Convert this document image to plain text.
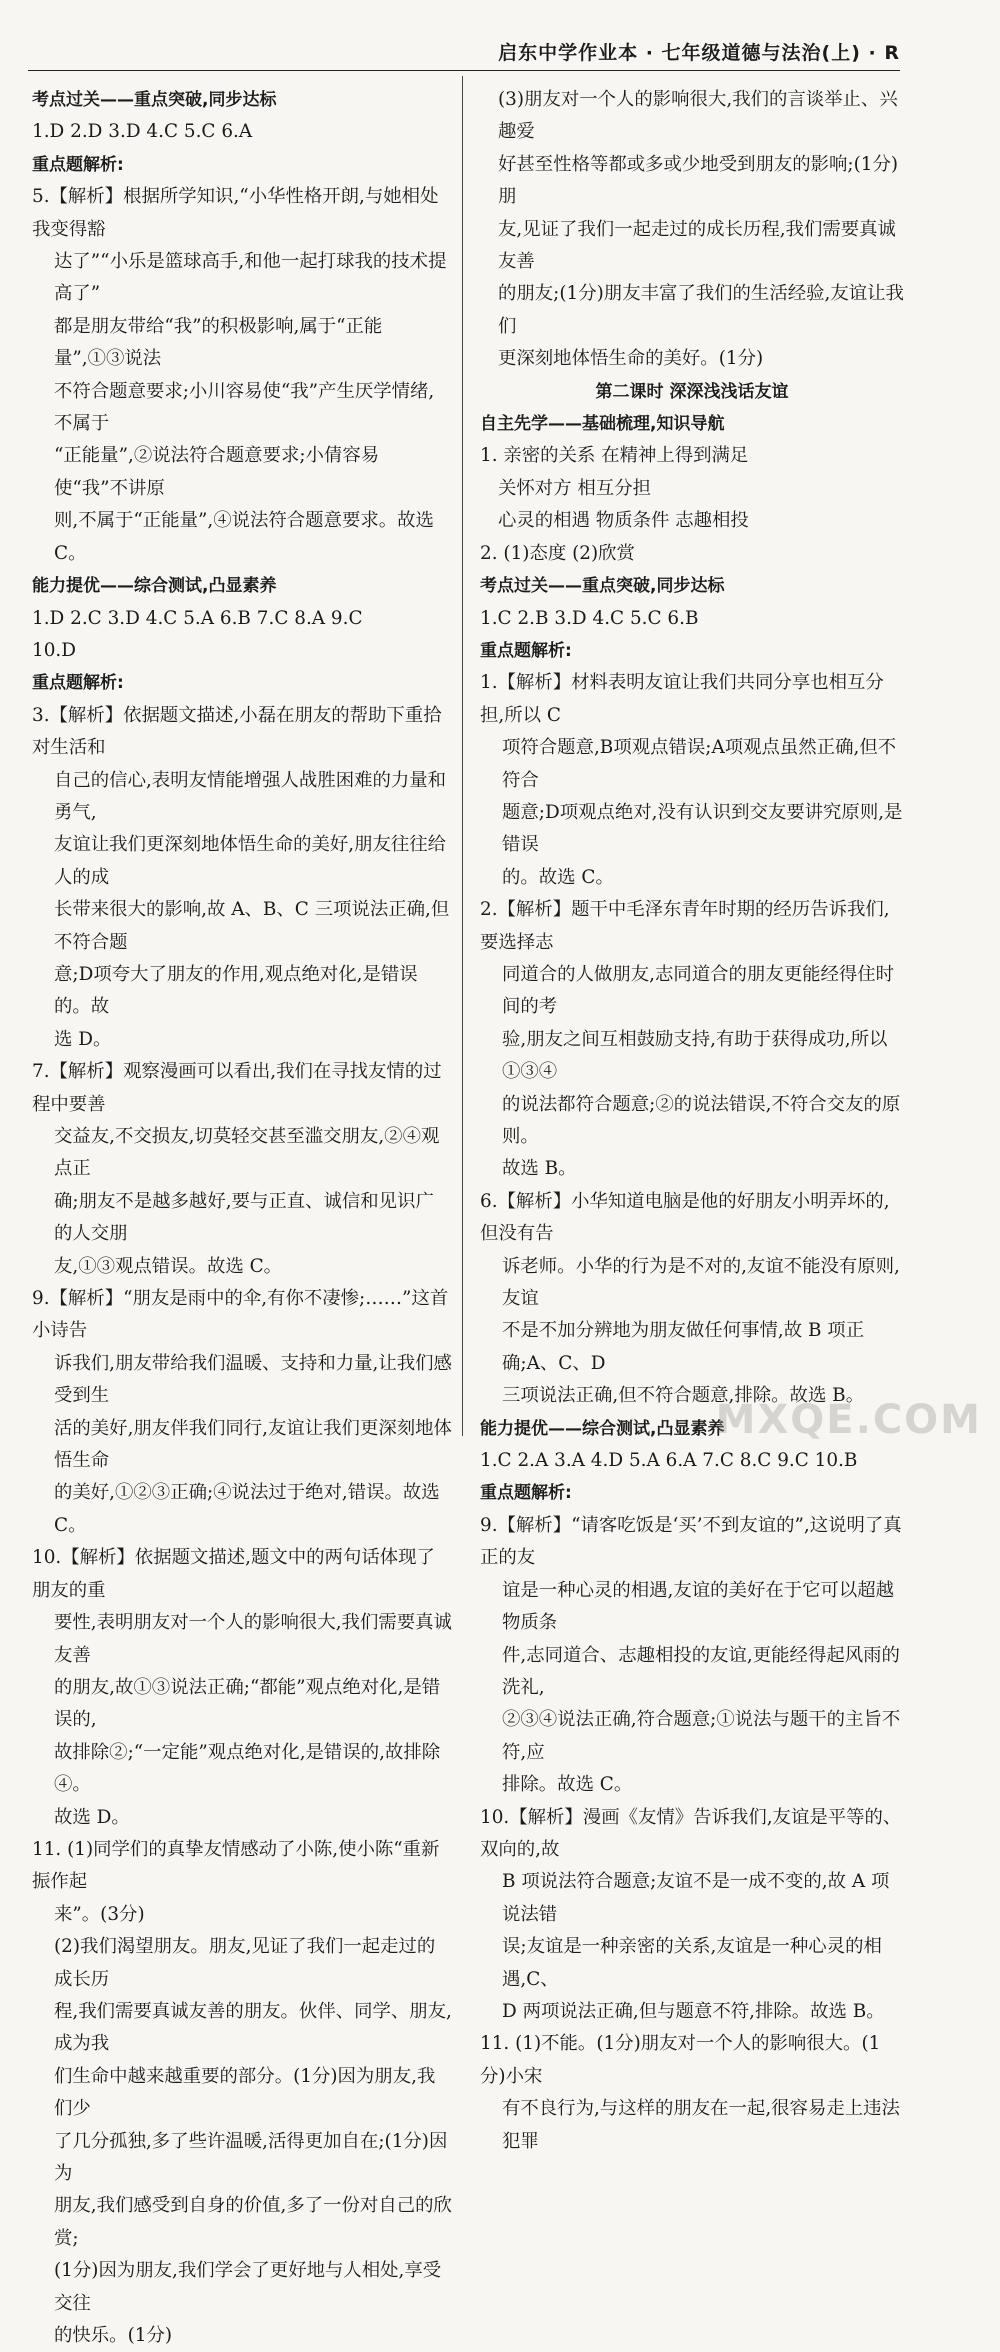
启东中学作业本 · 七年级道德与法治(上) · R
考点过关——重点突破,同步达标
1.D 2.D 3.D 4.C 5.C 6.A
重点题解析:
5.【解析】根据所学知识,“小华性格开朗,与她相处我变得豁
达了”“小乐是篮球高手,和他一起打球我的技术提高了”
都是朋友带给“我”的积极影响,属于“正能量”,①③说法
不符合题意要求;小川容易使“我”产生厌学情绪,不属于
“正能量”,②说法符合题意要求;小倩容易使“我”不讲原
则,不属于“正能量”,④说法符合题意要求。故选 C。
能力提优——综合测试,凸显素养
1.D 2.C 3.D 4.C 5.A 6.B 7.C 8.A 9.C
10.D
重点题解析:
3.【解析】依据题文描述,小磊在朋友的帮助下重拾对生活和
自己的信心,表明友情能增强人战胜困难的力量和勇气,
友谊让我们更深刻地体悟生命的美好,朋友往往给人的成
长带来很大的影响,故 A、B、C 三项说法正确,但不符合题
意;D项夸大了朋友的作用,观点绝对化,是错误的。故
选 D。
7.【解析】观察漫画可以看出,我们在寻找友情的过程中要善
交益友,不交损友,切莫轻交甚至滥交朋友,②④观点正
确;朋友不是越多越好,要与正直、诚信和见识广的人交朋
友,①③观点错误。故选 C。
9.【解析】“朋友是雨中的伞,有你不凄惨;……”这首小诗告
诉我们,朋友带给我们温暖、支持和力量,让我们感受到生
活的美好,朋友伴我们同行,友谊让我们更深刻地体悟生命
的美好,①②③正确;④说法过于绝对,错误。故选 C。
10.【解析】依据题文描述,题文中的两句话体现了朋友的重
要性,表明朋友对一个人的影响很大,我们需要真诚友善
的朋友,故①③说法正确;“都能”观点绝对化,是错误的,
故排除②;“一定能”观点绝对化,是错误的,故排除④。
故选 D。
11. (1)同学们的真挚友情感动了小陈,使小陈“重新振作起
来”。(3分)
(2)我们渴望朋友。朋友,见证了我们一起走过的成长历
程,我们需要真诚友善的朋友。伙伴、同学、朋友,成为我
们生命中越来越重要的部分。(1分)因为朋友,我们少
了几分孤独,多了些许温暖,活得更加自在;(1分)因为
朋友,我们感受到自身的价值,多了一份对自己的欣赏;
(1分)因为朋友,我们学会了更好地与人相处,享受交往
的快乐。(1分)
(3)朋友对一个人的影响很大,我们的言谈举止、兴趣爱
好甚至性格等都或多或少地受到朋友的影响;(1分)朋
友,见证了我们一起走过的成长历程,我们需要真诚友善
的朋友;(1分)朋友丰富了我们的生活经验,友谊让我们
更深刻地体悟生命的美好。(1分)
第二课时 深深浅浅话友谊
自主先学——基础梳理,知识导航
1. 亲密的关系 在精神上得到满足
关怀对方 相互分担
心灵的相遇 物质条件 志趣相投
2. (1)态度 (2)欣赏
考点过关——重点突破,同步达标
1.C 2.B 3.D 4.C 5.C 6.B
重点题解析:
1.【解析】材料表明友谊让我们共同分享也相互分担,所以 C
项符合题意,B项观点错误;A项观点虽然正确,但不符合
题意;D项观点绝对,没有认识到交友要讲究原则,是错误
的。故选 C。
2.【解析】题干中毛泽东青年时期的经历告诉我们,要选择志
同道合的人做朋友,志同道合的朋友更能经得住时间的考
验,朋友之间互相鼓励支持,有助于获得成功,所以①③④
的说法都符合题意;②的说法错误,不符合交友的原则。
故选 B。
6.【解析】小华知道电脑是他的好朋友小明弄坏的,但没有告
诉老师。小华的行为是不对的,友谊不能没有原则,友谊
不是不加分辨地为朋友做任何事情,故 B 项正确;A、C、D
三项说法正确,但不符合题意,排除。故选 B。
能力提优——综合测试,凸显素养
1.C 2.A 3.A 4.D 5.A 6.A 7.C 8.C 9.C 10.B
重点题解析:
9.【解析】“请客吃饭是‘买’不到友谊的”,这说明了真正的友
谊是一种心灵的相遇,友谊的美好在于它可以超越物质条
件,志同道合、志趣相投的友谊,更能经得起风雨的洗礼,
②③④说法正确,符合题意;①说法与题干的主旨不符,应
排除。故选 C。
10.【解析】漫画《友情》告诉我们,友谊是平等的、双向的,故
B 项说法符合题意;友谊不是一成不变的,故 A 项说法错
误;友谊是一种亲密的关系,友谊是一种心灵的相遇,C、
D 两项说法正确,但与题意不符,排除。故选 B。
11. (1)不能。(1分)朋友对一个人的影响很大。(1分)小宋
有不良行为,与这样的朋友在一起,很容易走上违法犯罪
MXQE.COM
